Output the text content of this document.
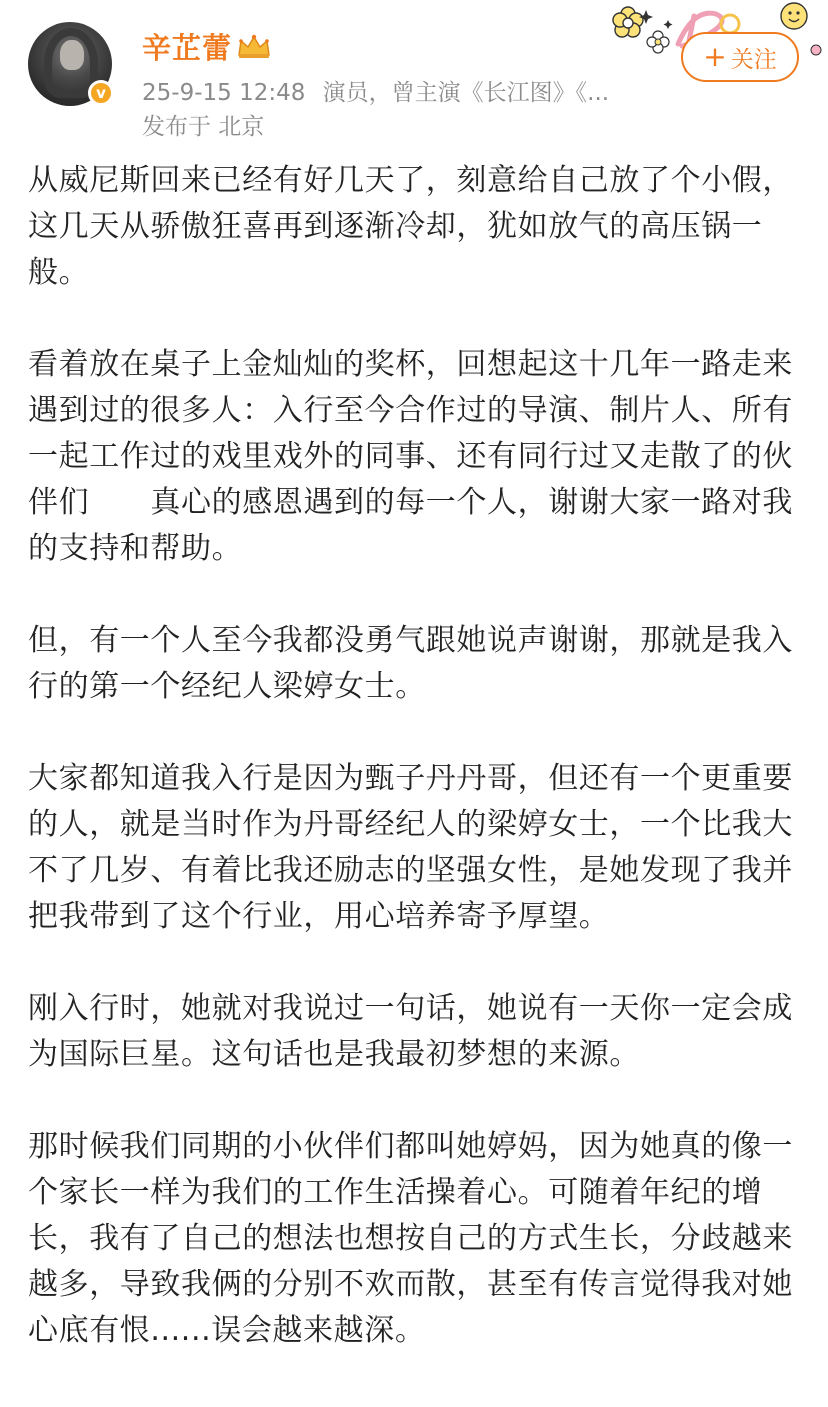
v
辛芷蕾
25-9-15 12:48 演员，曾主演《长江图》《...
发布于 北京
+ 关注

从威尼斯回来已经有好几天了，刻意给自己放了个小假，这几天从骄傲狂喜再到逐渐冷却，犹如放气的高压锅一般。

看着放在桌子上金灿灿的奖杯，回想起这十几年一路走来遇到过的很多人：入行至今合作过的导演、制片人、所有一起工作过的戏里戏外的同事、还有同行过又走散了的伙伴们　　真心的感恩遇到的每一个人，谢谢大家一路对我的支持和帮助。

但，有一个人至今我都没勇气跟她说声谢谢，那就是我入行的第一个经纪人梁婷女士。

大家都知道我入行是因为甄子丹丹哥，但还有一个更重要的人，就是当时作为丹哥经纪人的梁婷女士，一个比我大不了几岁、有着比我还励志的坚强女性，是她发现了我并把我带到了这个行业，用心培养寄予厚望。

刚入行时，她就对我说过一句话，她说有一天你一定会成为国际巨星。这句话也是我最初梦想的来源。

那时候我们同期的小伙伴们都叫她婷妈，因为她真的像一个家长一样为我们的工作生活操着心。可随着年纪的增长，我有了自己的想法也想按自己的方式生长，分歧越来越多，导致我俩的分别不欢而散，甚至有传言觉得我对她心底有恨......误会越来越深。
